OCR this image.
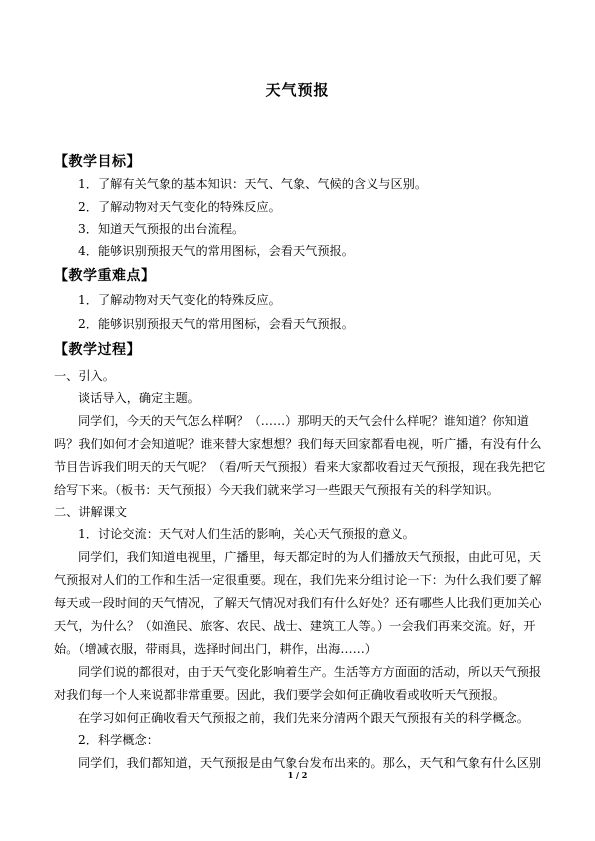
天气预报
【教学目标】
1．了解有关气象的基本知识：天气、气象、气候的含义与区别。
2．了解动物对天气变化的特殊反应。
3．知道天气预报的出台流程。
4．能够识别预报天气的常用图标，会看天气预报。
【教学重难点】
1．了解动物对天气变化的特殊反应。
2．能够识别预报天气的常用图标，会看天气预报。
【教学过程】
一、引入。
谈话导入，确定主题。
同学们，今天的天气怎么样啊？（……）那明天的天气会什么样呢？谁知道？你知道
吗？我们如何才会知道呢？谁来替大家想想？我们每天回家都看电视，听广播，有没有什么
节目告诉我们明天的天气呢？（看/听天气预报）看来大家都收看过天气预报，现在我先把它
给写下来。（板书：天气预报）今天我们就来学习一些跟天气预报有关的科学知识。
二、讲解课文
1．讨论交流：天气对人们生活的影响，关心天气预报的意义。
同学们，我们知道电视里，广播里，每天都定时的为人们播放天气预报，由此可见，天
气预报对人们的工作和生活一定很重要。现在，我们先来分组讨论一下：为什么我们要了解
每天或一段时间的天气情况，了解天气情况对我们有什么好处？还有哪些人比我们更加关心
天气，为什么？（如渔民、旅客、农民、战士、建筑工人等。）一会我们再来交流。好，开
始。（增减衣服，带雨具，选择时间出门，耕作，出海……）
同学们说的都很对，由于天气变化影响着生产。生活等方方面面的活动，所以天气预报
对我们每一个人来说都非常重要。因此，我们要学会如何正确收看或收听天气预报。
在学习如何正确收看天气预报之前，我们先来分清两个跟天气预报有关的科学概念。
2．科学概念：
同学们，我们都知道，天气预报是由气象台发布出来的。那么，天气和气象有什么区别
1 / 2
